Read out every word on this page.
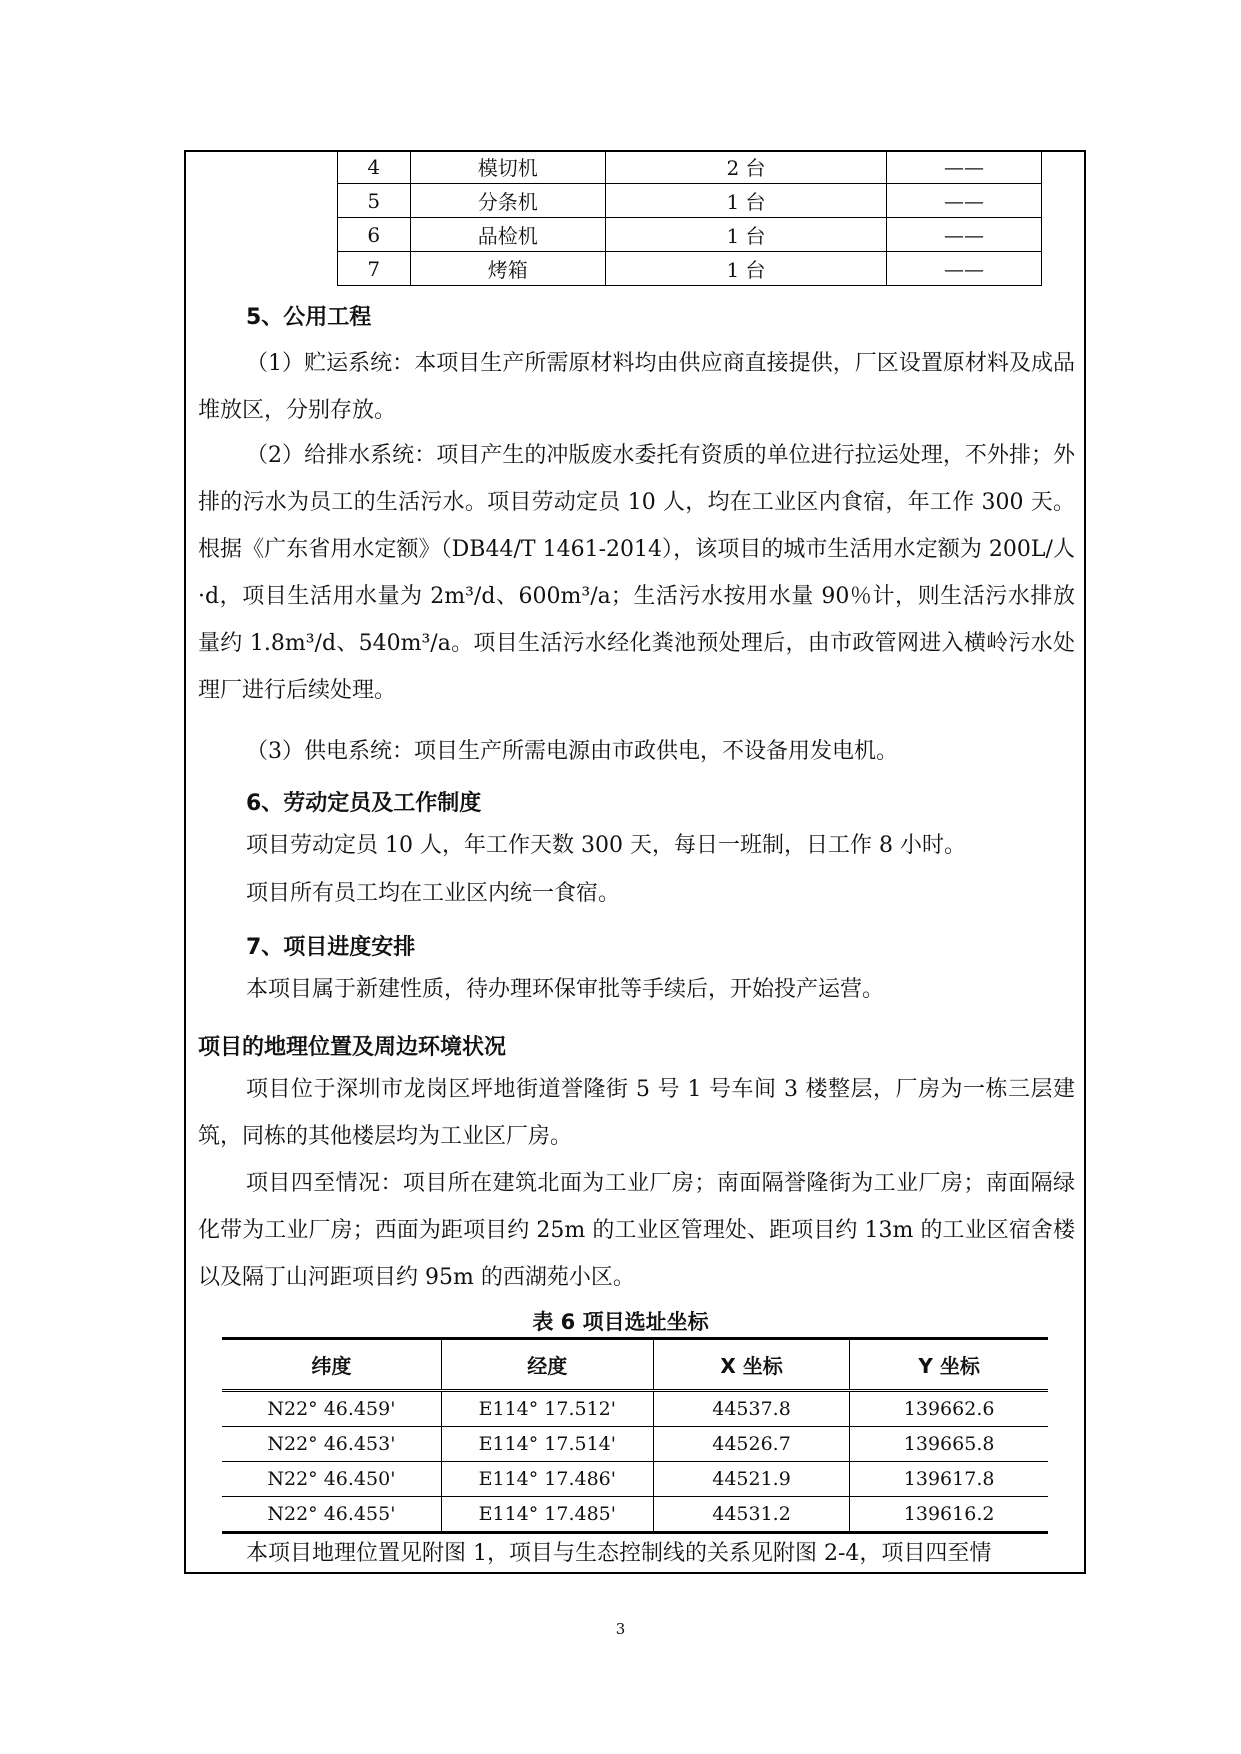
4	模切机	2 台	——
5	分条机	1 台	——
6	品检机	1 台	——
7	烤箱	1 台	——

5、公用工程

（1）贮运系统：本项目生产所需原材料均由供应商直接提供，厂区设置原材料及成品堆放区，分别存放。

（2）给排水系统：项目产生的冲版废水委托有资质的单位进行拉运处理，不外排；外排的污水为员工的生活污水。项目劳动定员 10 人，均在工业区内食宿，年工作 300 天。根据《广东省用水定额》（DB44/T 1461-2014），该项目的城市生活用水定额为 200L/人·d，项目生活用水量为 2m³/d、600m³/a；生活污水按用水量 90％计，则生活污水排放量约 1.8m³/d、540m³/a。项目生活污水经化粪池预处理后，由市政管网进入横岭污水处理厂进行后续处理。

（3）供电系统：项目生产所需电源由市政供电，不设备用发电机。

6、劳动定员及工作制度

项目劳动定员 10 人，年工作天数 300 天，每日一班制，日工作 8 小时。

项目所有员工均在工业区内统一食宿。

7、项目进度安排

本项目属于新建性质，待办理环保审批等手续后，开始投产运营。

项目的地理位置及周边环境状况

项目位于深圳市龙岗区坪地街道誉隆街 5 号 1 号车间 3 楼整层，厂房为一栋三层建筑，同栋的其他楼层均为工业区厂房。

项目四至情况：项目所在建筑北面为工业厂房；南面隔誉隆街为工业厂房；南面隔绿化带为工业厂房；西面为距项目约 25m 的工业区管理处、距项目约 13m 的工业区宿舍楼以及隔丁山河距项目约 95m 的西湖苑小区。

表 6 项目选址坐标
纬度	经度	X 坐标	Y 坐标
N22° 46.459'	E114° 17.512'	44537.8	139662.6
N22° 46.453'	E114° 17.514'	44526.7	139665.8
N22° 46.450'	E114° 17.486'	44521.9	139617.8
N22° 46.455'	E114° 17.485'	44531.2	139616.2

本项目地理位置见附图 1，项目与生态控制线的关系见附图 2-4，项目四至情

3
